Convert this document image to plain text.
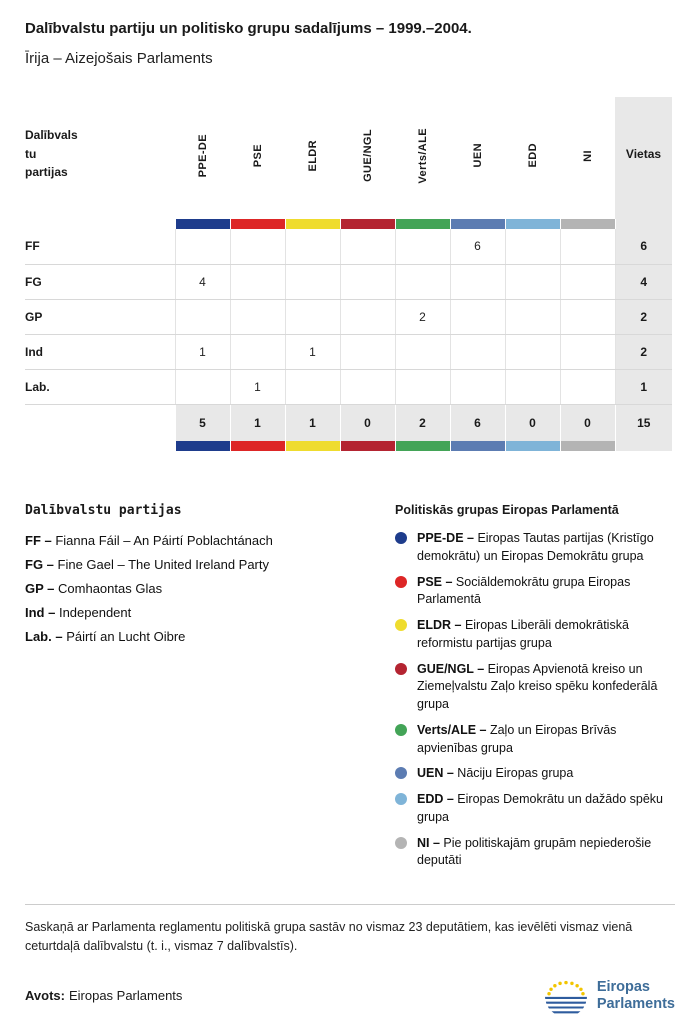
Dalībvalstu partiju un politisko grupu sadalījums – 1999.–2004.
Īrija – Aizejošais Parlaments
Dalībvals
tu
partijas	PPE-DE	PSE	ELDR	GUE/NGL	Verts/ALE	UEN	EDD	NI	Vietas

FF						6			6
FG	4								4
GP					2				2
Ind	1		1						2
Lab.		1							1
	5	1	1	0	2	6	0	0	15

Dalībvalstu partijas
FF – Fianna Fáil – An Páirtí Poblachtánach
FG – Fine Gael – The United Ireland Party
GP – Comhaontas Glas
Ind – Independent
Lab. – Páirtí an Lucht Oibre
Politiskās grupas Eiropas Parlamentā
PPE-DE – Eiropas Tautas partijas (Kristīgo demokrātu) un Eiropas Demokrātu grupa
PSE – Sociāldemokrātu grupa Eiropas Parlamentā
ELDR – Eiropas Liberāli demokrātiskā reformistu partijas grupa
GUE/NGL – Eiropas Apvienotā kreiso un Ziemeļvalstu Zaļo kreiso spēku konfederālā grupa
Verts/ALE – Zaļo un Eiropas Brīvās apvienības grupa
UEN – Nāciju Eiropas grupa
EDD – Eiropas Demokrātu un dažādo spēku grupa
NI – Pie politiskajām grupām nepiederošie deputāti
Saskaņā ar Parlamenta reglamentu politiskā grupa sastāv no vismaz 23 deputātiem, kas ievēlēti vismaz vienā ceturtdaļā dalībvalstu (t. i., vismaz 7 dalībvalstīs).
Avots: Eiropas Parlaments
Eiropas
Parlaments
